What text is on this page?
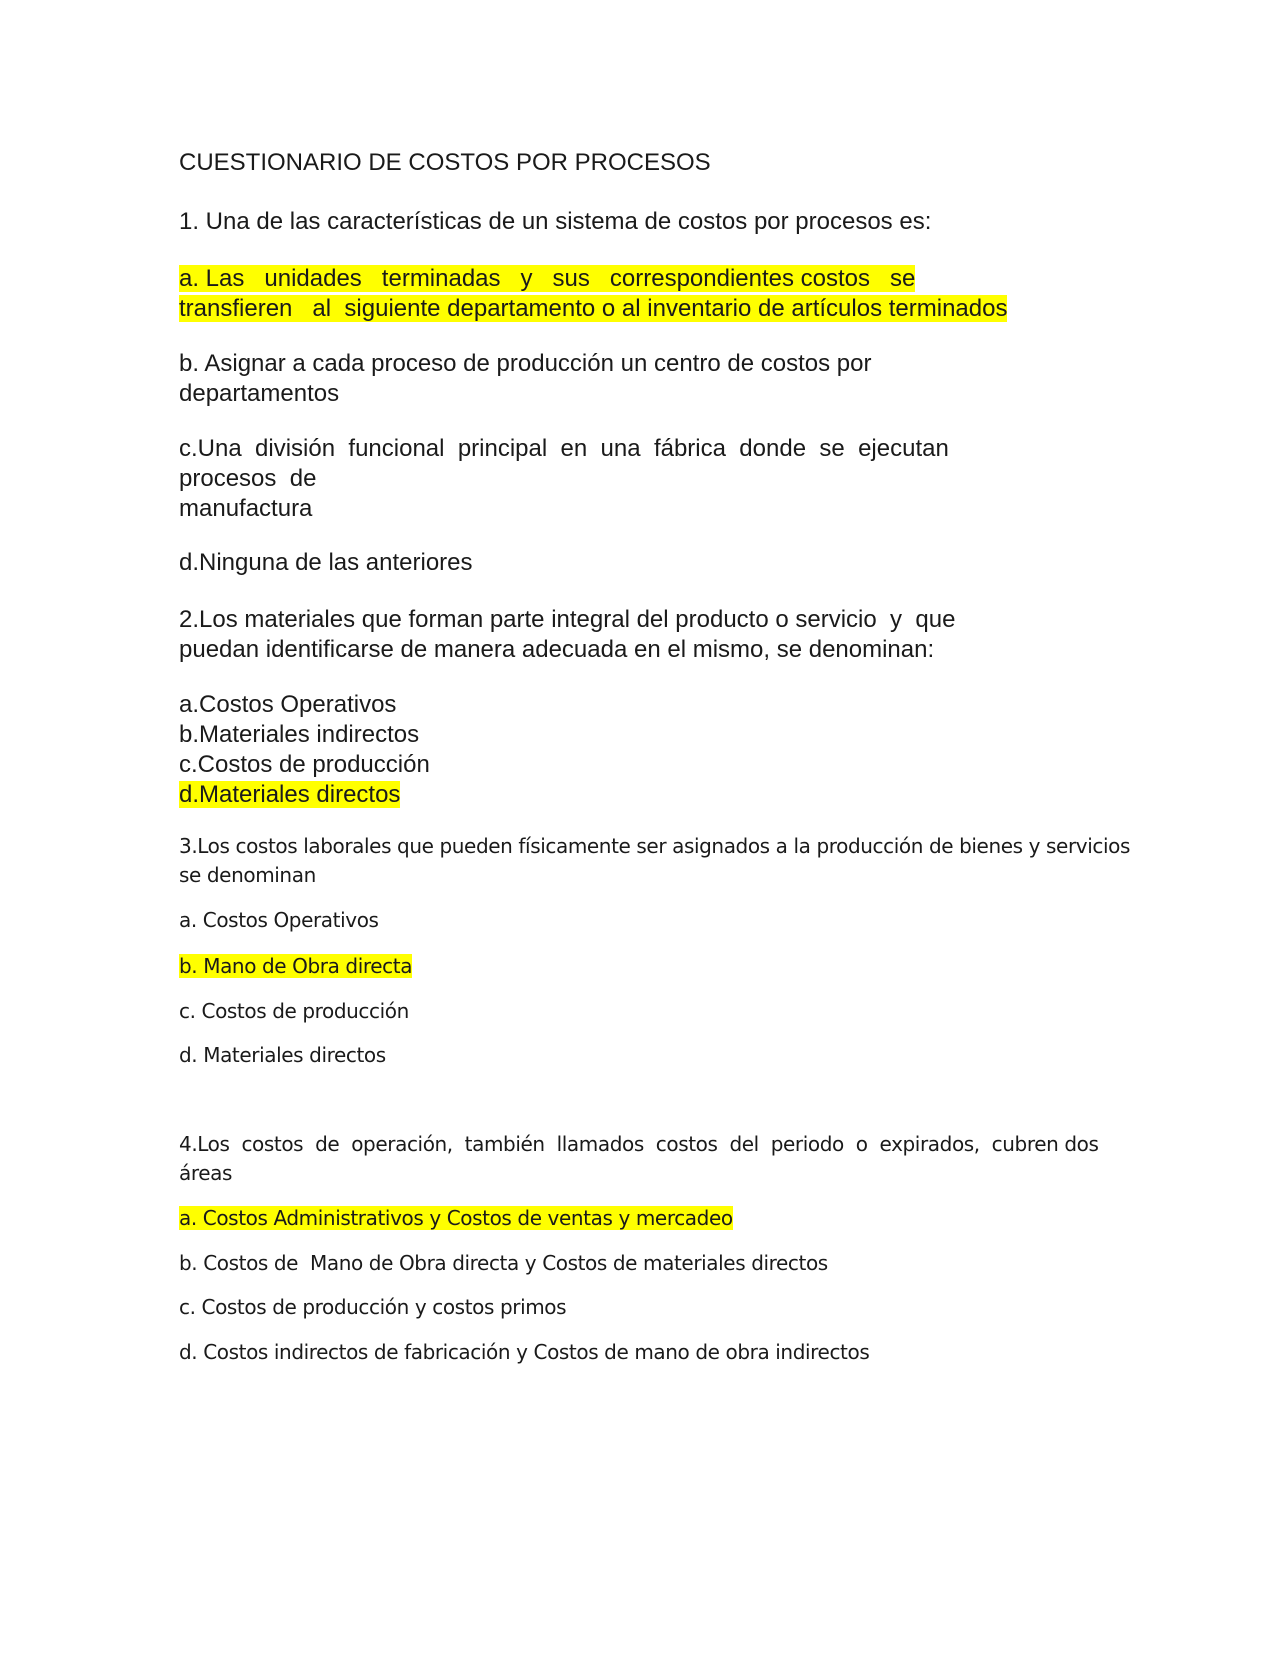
CUESTIONARIO DE COSTOS POR PROCESOS
1. Una de las características de un sistema de costos por procesos es:
a. Las   unidades   terminadas   y   sus   correspondientes costos   se
transfieren   al  siguiente departamento o al inventario de artículos terminados
b. Asignar a cada proceso de producción un centro de costos por
departamentos
c.Una  división  funcional  principal  en  una  fábrica  donde  se  ejecutan
procesos  de
manufactura
d.Ninguna de las anteriores
2.Los materiales que forman parte integral del producto o servicio  y  que
puedan identificarse de manera adecuada en el mismo, se denominan:
a.Costos Operativos
b.Materiales indirectos
c.Costos de producción
d.Materiales directos
3.Los costos laborales que pueden físicamente ser asignados a la producción de bienes y servicios
se denominan
a. Costos Operativos
b. Mano de Obra directa
c. Costos de producción
d. Materiales directos
4.Los  costos  de  operación,  también  llamados  costos  del  periodo  o  expirados,  cubren dos
áreas
a. Costos Administrativos y Costos de ventas y mercadeo
b. Costos de  Mano de Obra directa y Costos de materiales directos
c. Costos de producción y costos primos
d. Costos indirectos de fabricación y Costos de mano de obra indirectos
